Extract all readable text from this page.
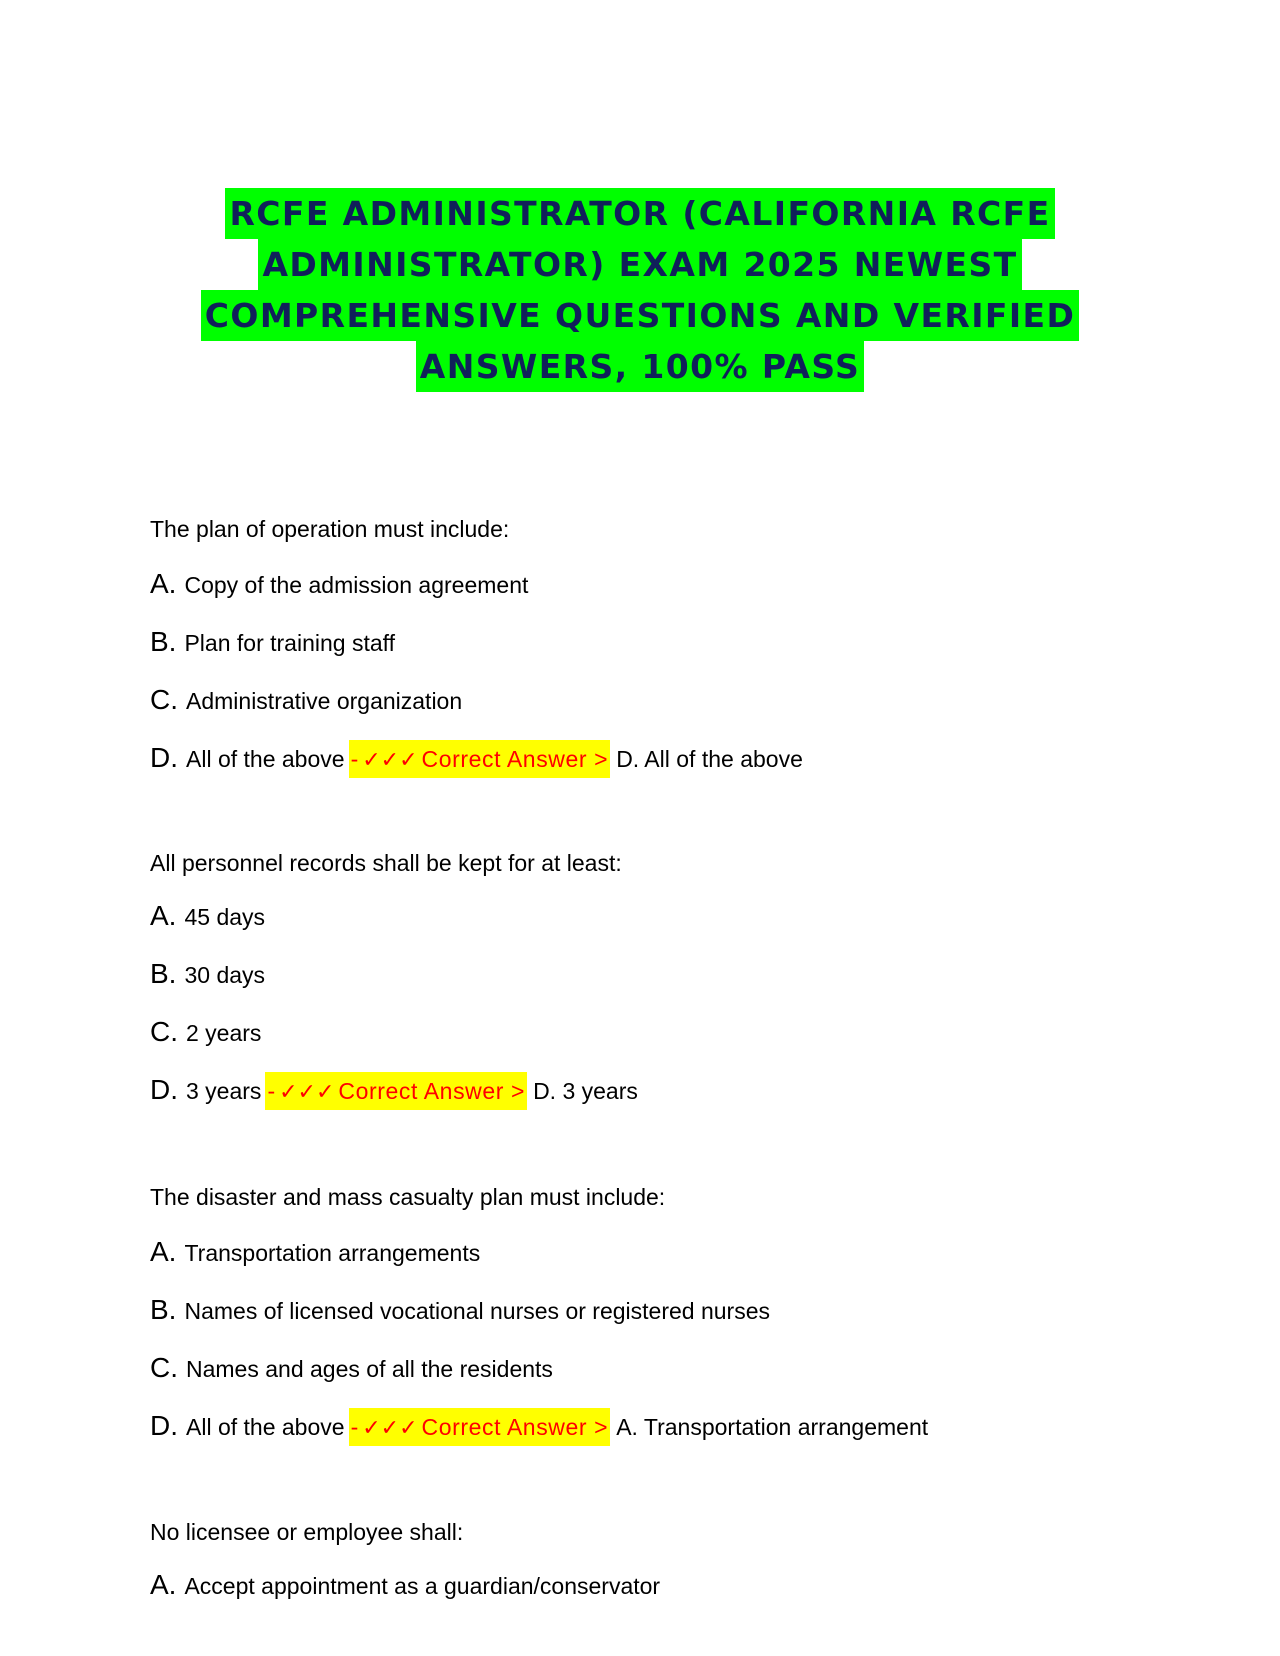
RCFE ADMINISTRATOR (CALIFORNIA RCFE
ADMINISTRATOR) EXAM 2025 NEWEST
COMPREHENSIVE QUESTIONS AND VERIFIED
ANSWERS, 100% PASS
The plan of operation must include:
A. Copy of the admission agreement
B. Plan for training staff
C. Administrative organization
D. All of the above - ✓✓✓ Correct Answer > D. All of the above
All personnel records shall be kept for at least:
A. 45 days
B. 30 days
C. 2 years
D. 3 years - ✓✓✓ Correct Answer > D. 3 years
The disaster and mass casualty plan must include:
A. Transportation arrangements
B. Names of licensed vocational nurses or registered nurses
C. Names and ages of all the residents
D. All of the above - ✓✓✓ Correct Answer > A. Transportation arrangement
No licensee or employee shall:
A. Accept appointment as a guardian/conservator
